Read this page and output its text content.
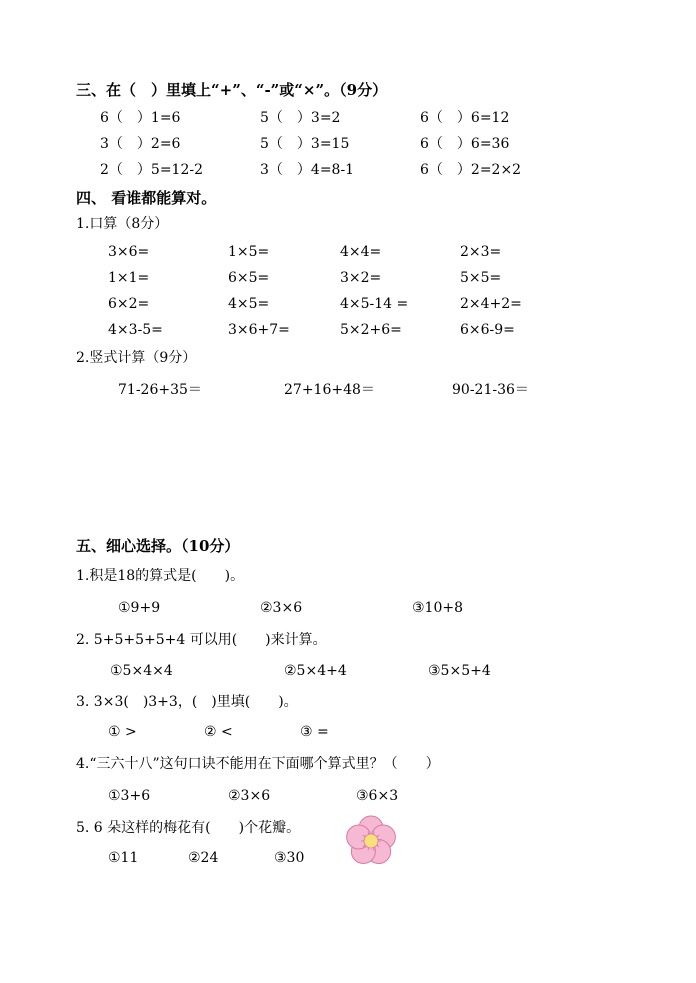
三、在（　）里填上“+”、“-”或“×”。（9分）
6（　）1=6	5（　）3=2	6（　）6=12
3（　）2=6	5（　）3=15	6（　）6=36
2（　）5=12-2	3（　）4=8-1	6（　）2=2×2
四、 看谁都能算对。
1.口算（8分）
3×6=	1×5=	4×4=	2×3=
1×1=	6×5=	3×2=	5×5=
6×2=	4×5=	4×5-14 =	2×4+2=
4×3-5=	3×6+7=	5×2+6=	6×6-9=
2.竖式计算（9分）
71-26+35＝	27+16+48＝	90-21-36＝
五、细心选择。（10分）
1.积是18的算式是(　　)。
①9+9	②3×6	③10+8
2. 5+5+5+5+4 可以用(　　)来计算。
①5×4×4	②5×4+4	③5×5+4
3. 3×3(　)3+3，(　)里填(　　)。
① >	② <	③ =
4.“三六十八”这句口诀不能用在下面哪个算式里？（　　）
①3+6	②3×6	③6×3
5. 6 朵这样的梅花有(　　)个花瓣。
①11	②24	③30
